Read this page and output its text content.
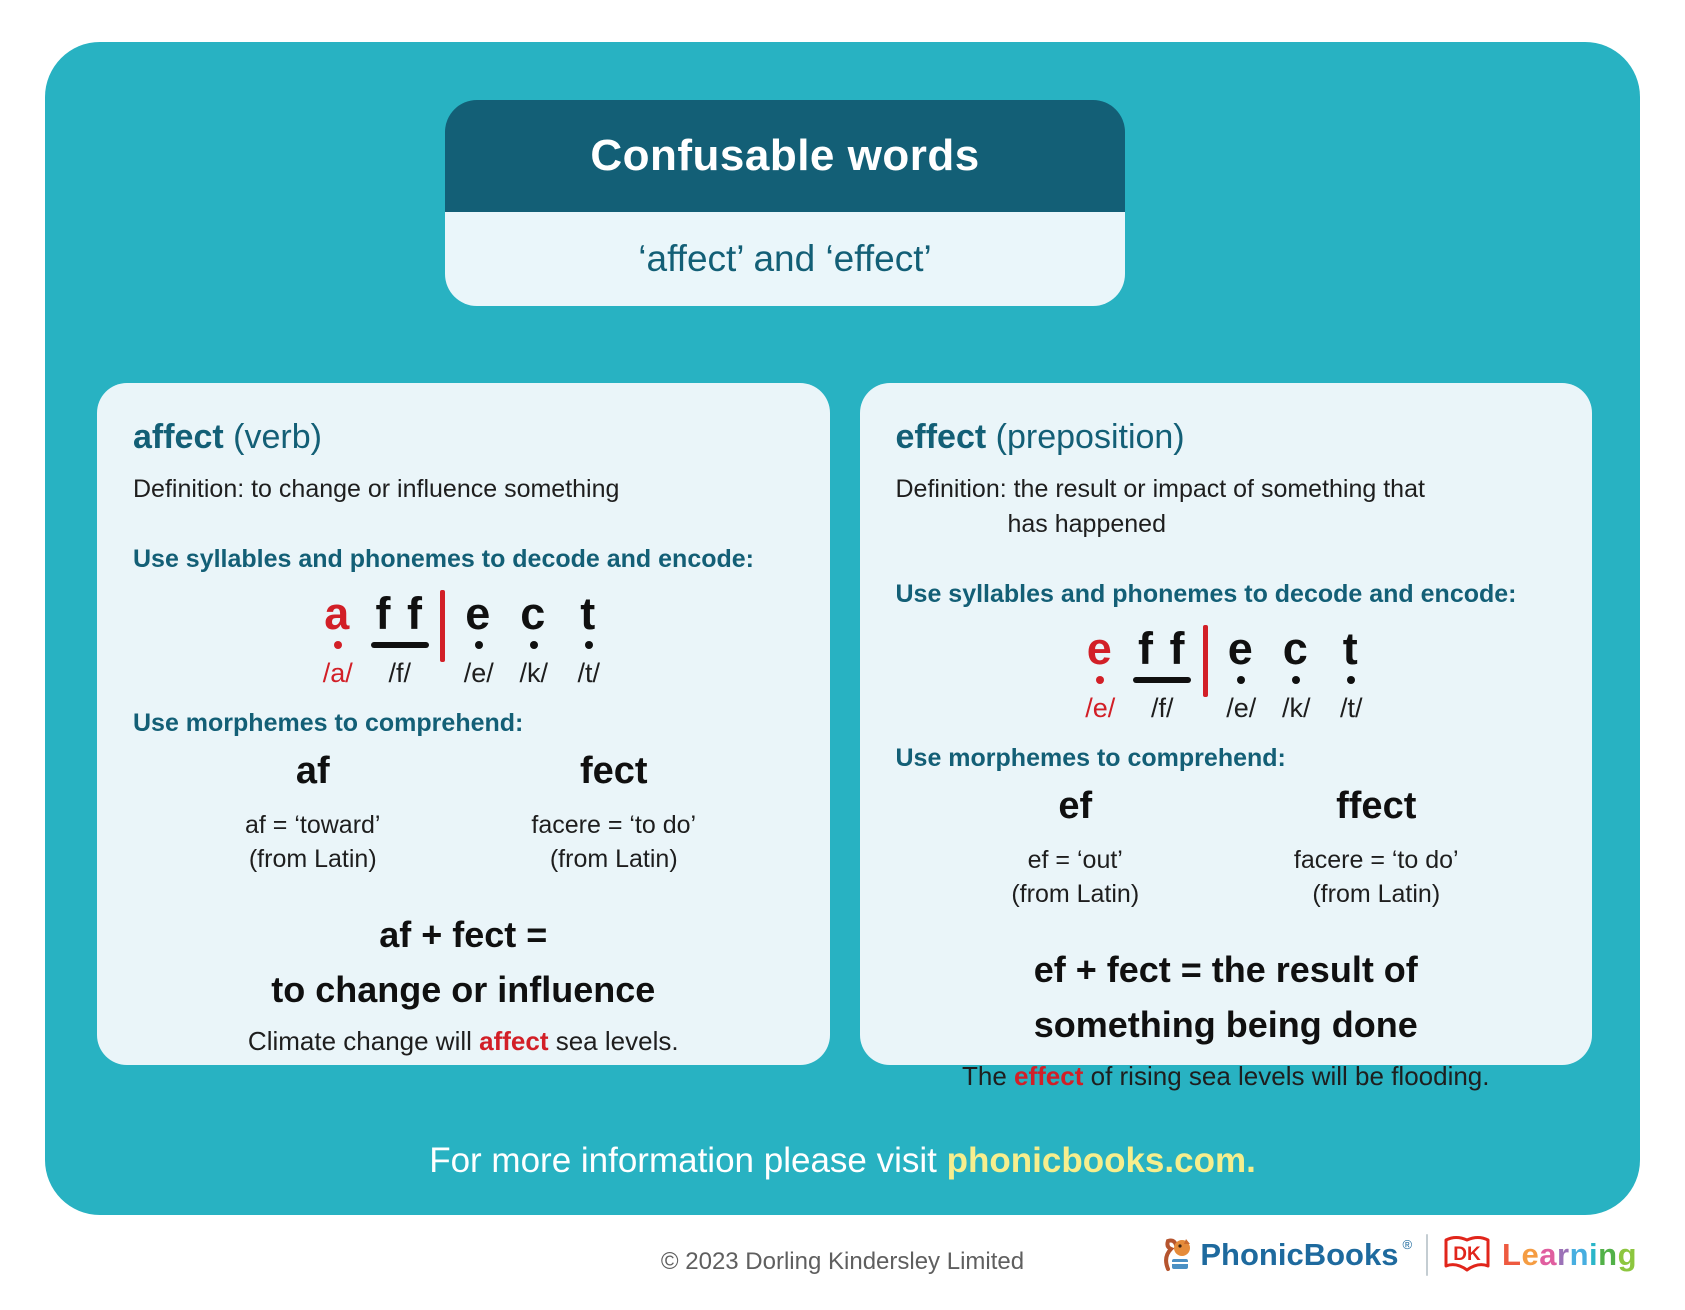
Confusable words
‘affect’ and ‘effect’
affect (verb)
Definition: to change or influence something
Use syllables and phonemes to decode and encode:
a
/a/
f f
/f/
e
/e/
c
/k/
t
/t/
Use morphemes to comprehend:
af
af = ‘toward’
(from Latin)
fect
facere = ‘to do’
(from Latin)
af + fect =
to change or influence
Climate change will affect sea levels.
effect (preposition)
Definition: the result or impact of something that
has happened
Use syllables and phonemes to decode and encode:
e
/e/
f f
/f/
e
/e/
c
/k/
t
/t/
Use morphemes to comprehend:
ef
ef = ‘out’
(from Latin)
ffect
facere = ‘to do’
(from Latin)
ef + fect = the result of
something being done
The effect of rising sea levels will be flooding.
For more information please visit phonicbooks.com.
© 2023 Dorling Kindersley Limited	PhonicBooks ® DK Learning
